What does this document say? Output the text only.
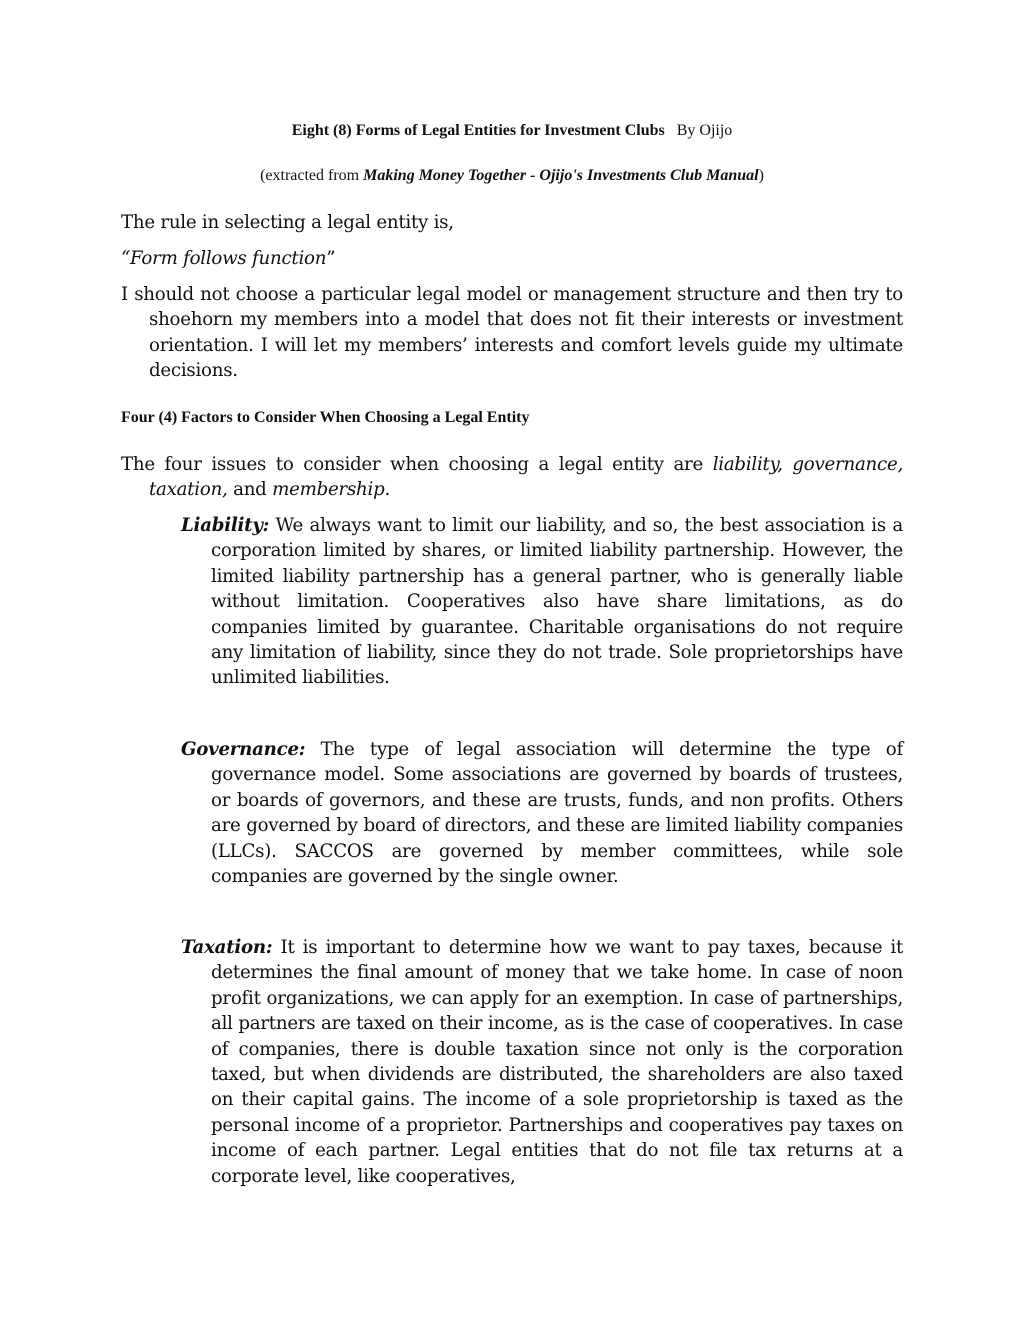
Eight (8) Forms of Legal Entities for Investment Clubs By Ojijo
(extracted from Making Money Together - Ojijo's Investments Club Manual)

The rule in selecting a legal entity is,

“Form follows function”

I should not choose a particular legal model or management structure and then try to shoehorn my members into a model that does not fit their interests or investment orientation. I will let my members’ interests and comfort levels guide my ultimate decisions.

Four (4) Factors to Consider When Choosing a Legal Entity

The four issues to consider when choosing a legal entity are liability, governance, taxation, and membership.

Liability: We always want to limit our liability, and so, the best association is a corporation limited by shares, or limited liability partnership. However, the limited liability partnership has a general partner, who is generally liable without limitation. Cooperatives also have share limitations, as do companies limited by guarantee. Charitable organisations do not require any limitation of liability, since they do not trade. Sole proprietorships have unlimited liabilities.

Governance: The type of legal association will determine the type of governance model. Some associations are governed by boards of trustees, or boards of governors, and these are trusts, funds, and non profits. Others are governed by board of directors, and these are limited liability companies (LLCs). SACCOS are governed by member committees, while sole companies are governed by the single owner.

Taxation: It is important to determine how we want to pay taxes, because it determines the final amount of money that we take home. In case of noon profit organizations, we can apply for an exemption. In case of partnerships, all partners are taxed on their income, as is the case of cooperatives. In case of companies, there is double taxation since not only is the corporation taxed, but when dividends are distributed, the shareholders are also taxed on their capital gains. The income of a sole proprietorship is taxed as the personal income of a proprietor. Partnerships and cooperatives pay taxes on income of each partner. Legal entities that do not file tax returns at a corporate level, like cooperatives,
